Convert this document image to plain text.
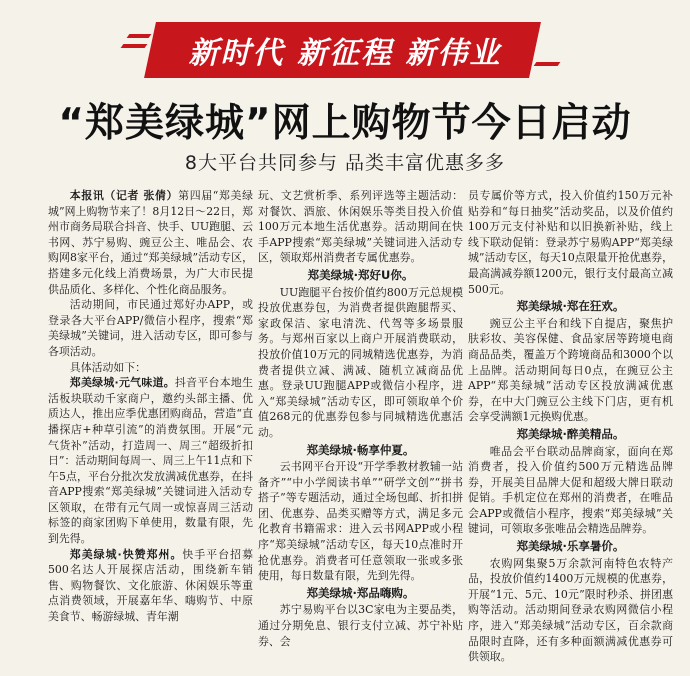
新时代 新征程 新伟业
“郑美绿城”网上购物节今日启动
8大平台共同参与 品类丰富优惠多多

本报讯（记者 张倩）第四届“郑美绿城”网上购物节来了！8月12日～22日，郑州市商务局联合抖音、快手、UU跑腿、云书网、苏宁易购、豌豆公主、唯品会、农购网8家平台，通过“郑美绿城”活动专区，搭建多元化线上消费场景，为广大市民提供品质化、多样化、个性化商品服务。

活动期间，市民通过郑好办APP，或登录各大平台APP/微信小程序，搜索“郑美绿城”关键词，进入活动专区，即可参与各项活动。

具体活动如下：

郑美绿城·元气味道。抖音平台本地生活板块联动千家商户，邀约头部主播、优质达人，推出应季优惠团购商品，营造“直播探店+种草引流”的消费氛围。开展“元气货补”活动，打造周一、周三“超级折扣日”：活动期间每周一、周三上午11点和下午5点，平台分批次发放满减优惠券，在抖音APP搜索“郑美绿城”关键词进入活动专区领取，在带有元气周一或惊喜周三活动标签的商家团购下单使用，数量有限，先到先得。

郑美绿城·快赞郑州。快手平台招募500名达人开展探店活动，围绕新车销售、购物餐饮、文化旅游、休闲娱乐等重点消费领域，开展嘉年华、嗨购节、中原美食节、畅游绿城、青年潮

玩、文艺赏析季、系列评选等主题活动：对餐饮、酒旅、休闲娱乐等类目投入价值100万元本地生活优惠券。活动期间在快手APP搜索“郑美绿城”关键词进入活动专区，领取郑州消费者专属优惠券。

郑美绿城·郑好U你。

UU跑腿平台按价值约800万元总规模投放优惠券包，为消费者提供跑腿帮买、家政保洁、家电清洗、代驾等多场景服务。与郑州百家以上商户开展消费联动，投放价值10万元的同城精选优惠券，为消费者提供立减、满减、随机立减商品优惠。登录UU跑腿APP或微信小程序，进入“郑美绿城”活动专区，即可领取单个价值268元的优惠券包参与同城精选优惠活动。

郑美绿城·畅享仲夏。

云书网平台开设“开学季教材教辅一站备齐”“中小学阅读书单”“研学文创”“拼书搭子”等专题活动，通过全场包邮、折扣拼团、优惠券、品类买赠等方式，满足多元化教育书籍需求：进入云书网APP或小程序“郑美绿城”活动专区，每天10点准时开抢优惠券。消费者可任意领取一张或多张使用，每日数量有限，先到先得。

郑美绿城·郑品嗨购。

苏宁易购平台以3C家电为主要品类，通过分期免息、银行支付立减、苏宁补贴券、会

员专属价等方式，投入价值约150万元补贴券和“每日抽奖”活动奖品，以及价值约100万元支付补贴和以旧换新补贴，线上线下联动促销：登录苏宁易购APP“郑美绿城”活动专区，每天10点限量开抢优惠券，最高满减券额1200元，银行支付最高立减500元。

郑美绿城·郑在狂欢。

豌豆公主平台和线下自提店，聚焦护肤彩妆、美容保健、食品家居等跨境电商商品品类，覆盖万个跨境商品和3000个以上品牌。活动期间每日0点，在豌豆公主APP“郑美绿城”活动专区投放满减优惠券，在中大门豌豆公主线下门店，更有机会享受满额1元换购优惠。

郑美绿城·醉美精品。

唯品会平台联动品牌商家，面向在郑消费者，投入价值约500万元精选品牌券，开展美目品牌大促和超级大牌日联动促销。手机定位在郑州的消费者，在唯品会APP或微信小程序，搜索“郑美绿城”关键词，可领取多张唯品会精选品牌券。

郑美绿城·乐享暑价。

农购网集聚5万余款河南特色农特产品，投放价值约1400万元规模的优惠券，开展“1元、5元、10元”限时秒杀、拼团惠购等活动。活动期间登录农购网微信小程序，进入“郑美绿城”活动专区，百余款商品限时直降，还有多种面额满减优惠券可供领取。
